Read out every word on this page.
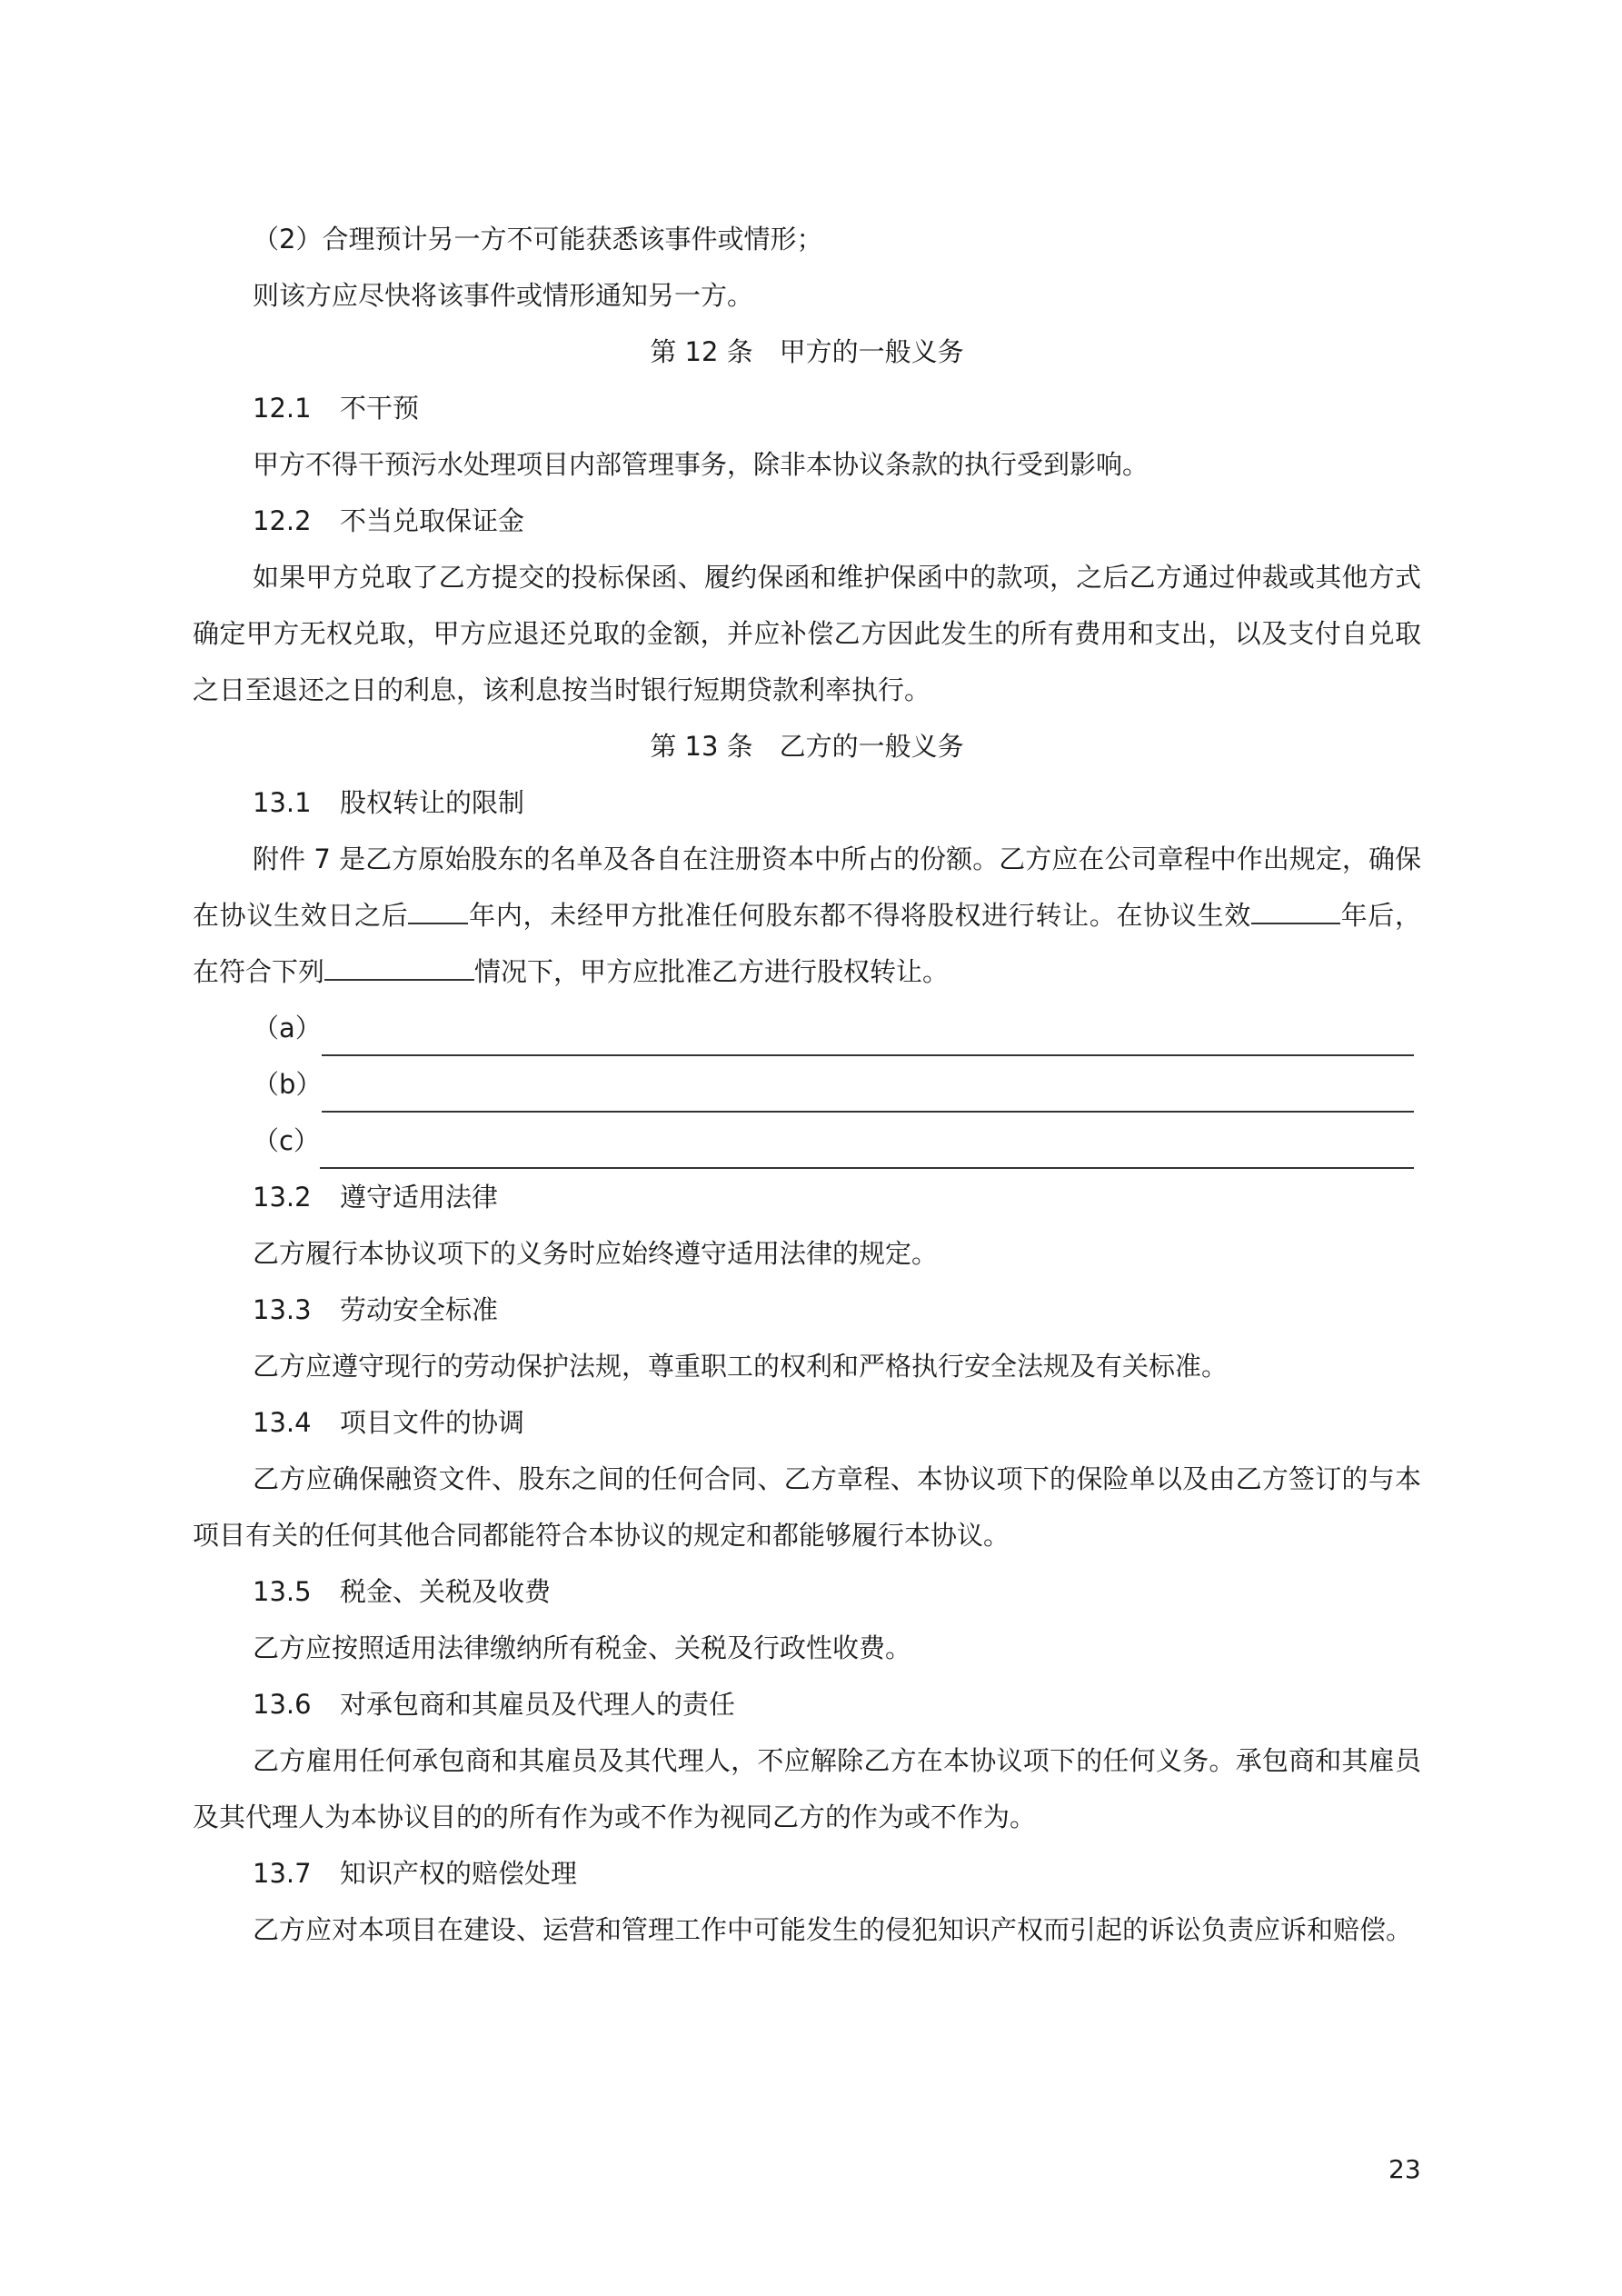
（2）合理预计另一方不可能获悉该事件或情形；
则该方应尽快将该事件或情形通知另一方。
第 12 条　甲方的一般义务
12.1 不干预
甲方不得干预污水处理项目内部管理事务，除非本协议条款的执行受到影响。
12.2 不当兑取保证金
如果甲方兑取了乙方提交的投标保函、履约保函和维护保函中的款项，之后乙方通过仲裁或其他方式确定甲方无权兑取，甲方应退还兑取的金额，并应补偿乙方因此发生的所有费用和支出，以及支付自兑取之日至退还之日的利息，该利息按当时银行短期贷款利率执行。
第 13 条　乙方的一般义务
13.1 股权转让的限制
附件 7 是乙方原始股东的名单及各自在注册资本中所占的份额。乙方应在公司章程中作出规定，确保在协议生效日之后 年内，未经甲方批准任何股东都不得将股权进行转让。在协议生效	年后，在符合下列	情况下，甲方应批准乙方进行股权转让。
（a）
（b）
（c）
13.2 遵守适用法律
乙方履行本协议项下的义务时应始终遵守适用法律的规定。
13.3 劳动安全标准
乙方应遵守现行的劳动保护法规，尊重职工的权利和严格执行安全法规及有关标准。
13.4 项目文件的协调
乙方应确保融资文件、股东之间的任何合同、乙方章程、本协议项下的保险单以及由乙方签订的与本项目有关的任何其他合同都能符合本协议的规定和都能够履行本协议。
13.5 税金、关税及收费
乙方应按照适用法律缴纳所有税金、关税及行政性收费。
13.6 对承包商和其雇员及代理人的责任
乙方雇用任何承包商和其雇员及其代理人，不应解除乙方在本协议项下的任何义务。承包商和其雇员及其代理人为本协议目的的所有作为或不作为视同乙方的作为或不作为。
13.7 知识产权的赔偿处理
乙方应对本项目在建设、运营和管理工作中可能发生的侵犯知识产权而引起的诉讼负责应诉和赔偿。
23
